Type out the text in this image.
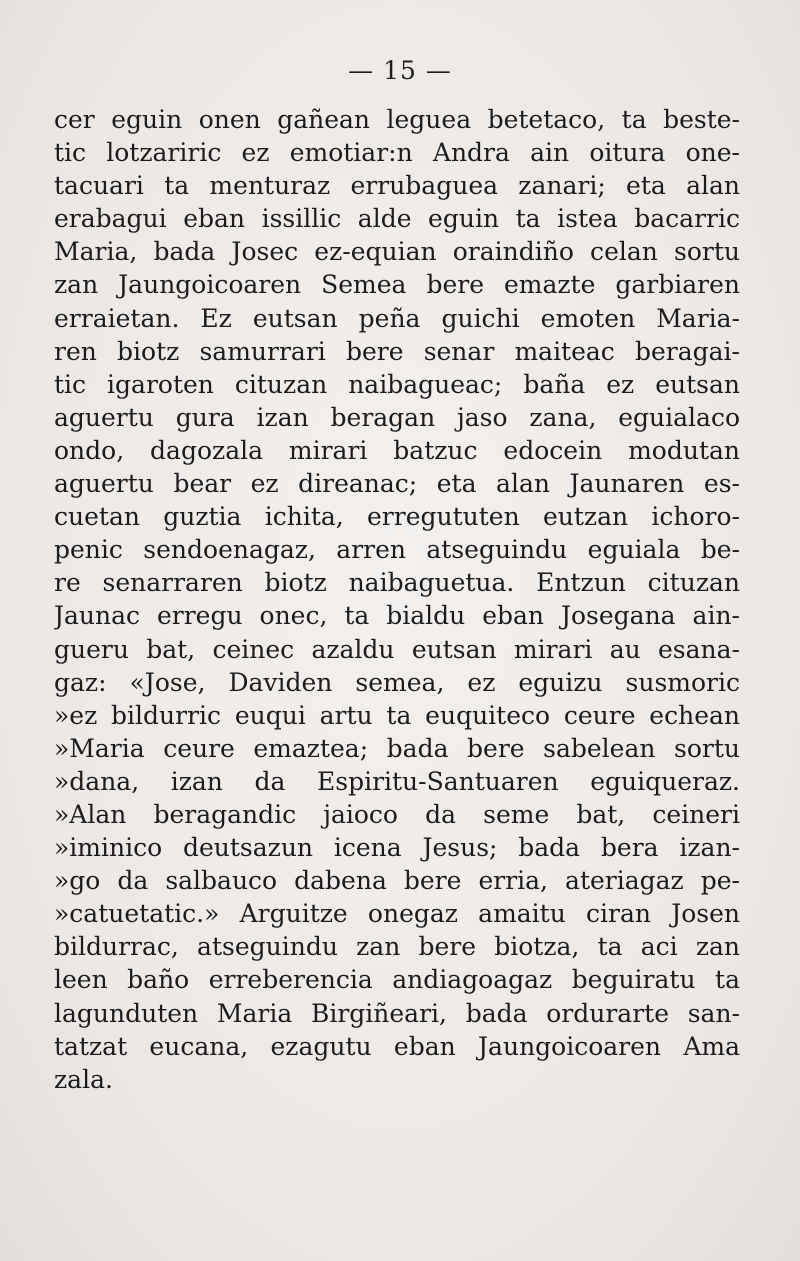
— 15 —
cer eguin onen gañean leguea betetaco, ta beste-
tic lotzariric ez emotiar:n Andra ain oitura one-
tacuari ta menturaz errubaguea zanari; eta alan
erabagui eban issillic alde eguin ta istea bacarric
Maria, bada Josec ez-equian oraindiño celan sortu
zan Jaungoicoaren Semea bere emazte garbiaren
erraietan. Ez eutsan peña guichi emoten Maria-
ren biotz samurrari bere senar maiteac beragai-
tic igaroten cituzan naibagueac; baña ez eutsan
aguertu gura izan beragan jaso zana, eguialaco
ondo, dagozala mirari batzuc edocein modutan
aguertu bear ez direanac; eta alan Jaunaren es-
cuetan guztia ichita, erregututen eutzan ichoro-
penic sendoenagaz, arren atseguindu eguiala be-
re senarraren biotz naibaguetua. Entzun cituzan
Jaunac erregu onec, ta bialdu eban Josegana ain-
gueru bat, ceinec azaldu eutsan mirari au esana-
gaz: «Jose, Daviden semea, ez eguizu susmoric
»ez bildurric euqui artu ta euquiteco ceure echean
»Maria ceure emaztea; bada bere sabelean sortu
»dana, izan da Espiritu-Santuaren eguiqueraz.
»Alan beragandic jaioco da seme bat, ceineri
»iminico deutsazun icena Jesus; bada bera izan-
»go da salbauco dabena bere erria, ateriagaz pe-
»catuetatic.» Arguitze onegaz amaitu ciran Josen
bildurrac, atseguindu zan bere biotza, ta aci zan
leen baño erreberencia andiagoagaz beguiratu ta
lagunduten Maria Birgiñeari, bada ordurarte san-
tatzat eucana, ezagutu eban Jaungoicoaren Ama
zala.
